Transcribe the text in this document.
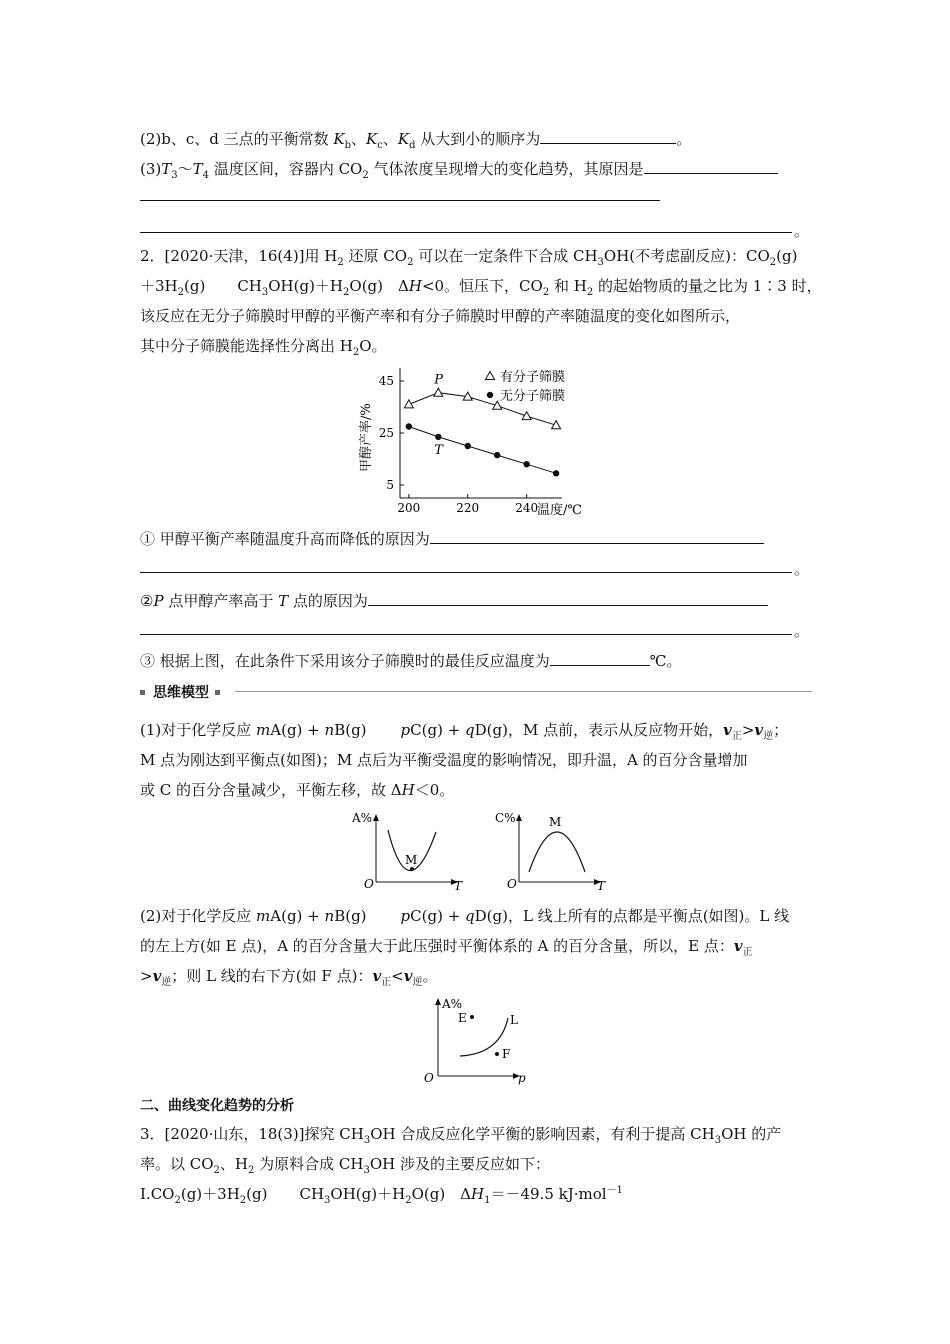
(2)b、c、d 三点的平衡常数 $K_b$、$K_c$、$K_d$ 从大到小的顺序为	。
$(3)T_3\sim T_4$ 温度区间，容器内 $CO_2$ 气体浓度呈现增大的变化趋势，其原因是
。
2．[2020·天津，16(4)]用 $H_2$ 还原 $CO_2$ 可以在一定条件下合成 $CH_3OH$(不考虑副反应)：$CO_2(g)$
$+3H_2(g)$ $CH_3OH(g)+H_2O(g)$　ΔH<0。恒压下，$CO_2$ 和 $H_2$ 的起始物质的量之比为 1∶3 时，
该反应在无分子筛膜时甲醇的平衡产率和有分子筛膜时甲醇的产率随温度的变化如图所示，
其中分子筛膜能选择性分离出 $H_2O$。
5
25
45
200	220	240
温度/℃
甲醇产率/%
P
T
有分子筛膜
无分子筛膜
① 甲醇平衡产率随温度升高而降低的原因为
。
②P 点甲醇产率高于 T 点的原因为
。
③ 根据上图，在此条件下采用该分子筛膜时的最佳反应温度为	℃。
思维模型
(1)对于化学反应 mA(g) + nB(g) pC(g) + qD(g)，M 点前，表示从反应物开始，$v_正>v_逆$；
M 点为刚达到平衡点(如图)；M 点后为平衡受温度的影响情况，即升温，A 的百分含量增加
或 C 的百分含量减少，平衡左移，故 ΔH＜0。
A%
O	T
M
C%
O	T
M
(2)对于化学反应 mA(g) + nB(g) pC(g) + qD(g)，L 线上所有的点都是平衡点(如图)。L 线
的左上方(如 E 点)，A 的百分含量大于此压强时平衡体系的 A 的百分含量，所以，E 点：$v_正$
$>v_逆$；则 L 线的右下方(如 F 点)：$v_正<v_逆$。
A%
O	p
E	L
F
二、曲线变化趋势的分析
3．[2020·山东，18(3)]探究 $CH_3OH$ 合成反应化学平衡的影响因素，有利于提高 $CH_3OH$ 的产
率。以 $CO_2$、$H_2$ 为原料合成 $CH_3OH$ 涉及的主要反应如下：
$Ⅰ.CO_2(g)+3H_2(g)$ $CH_3OH(g)+H_2O(g)$　$\Delta H_1=-49.5$ kJ·mol$^{-1}$
